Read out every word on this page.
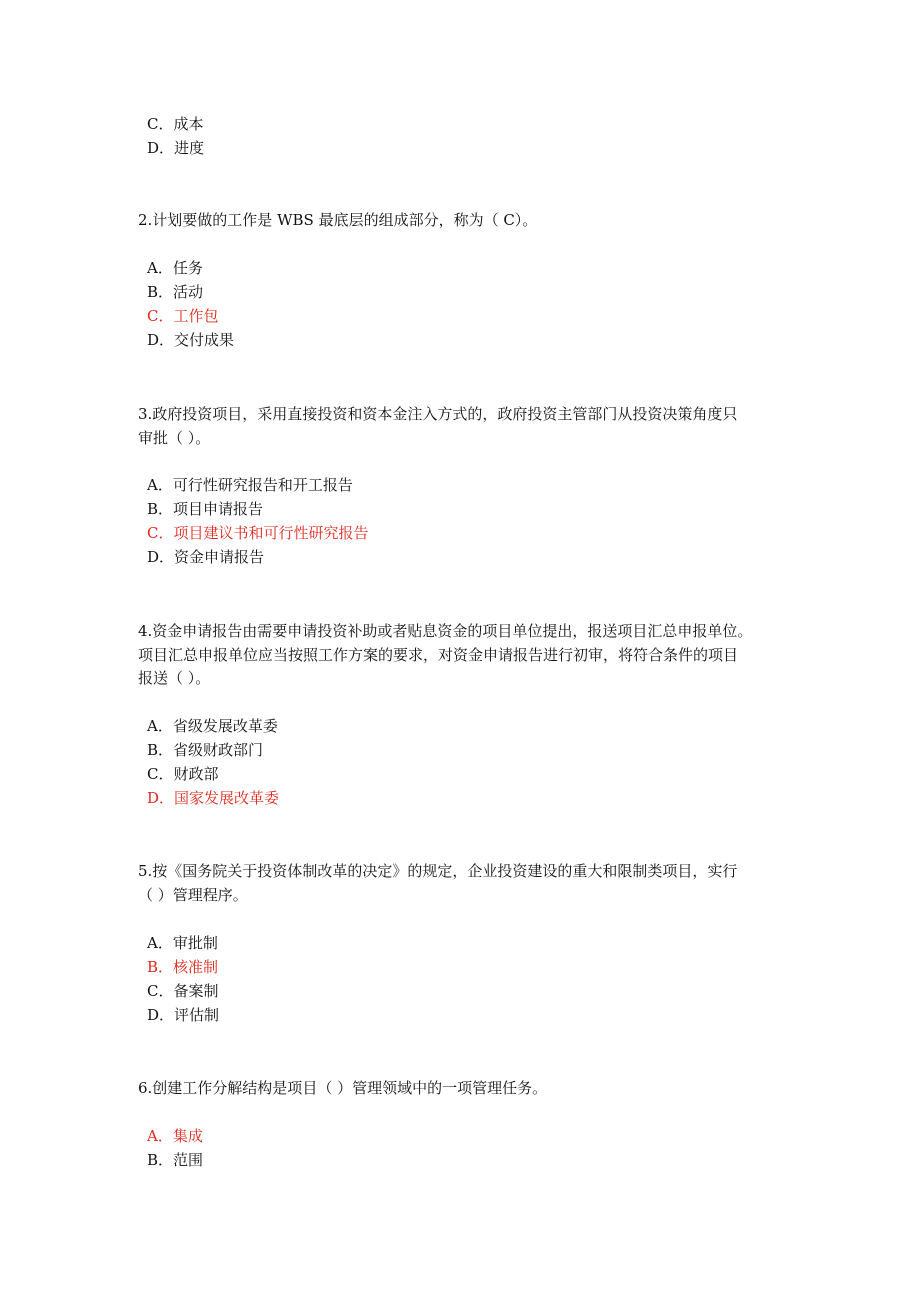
C．成本
D．进度
2.计划要做的工作是 WBS 最底层的组成部分，称为（ C）。
A．任务
B．活动
C．工作包
D．交付成果
3.政府投资项目，采用直接投资和资本金注入方式的，政府投资主管部门从投资决策角度只
审批（ ）。
A．可行性研究报告和开工报告
B．项目申请报告
C．项目建议书和可行性研究报告
D．资金申请报告
4.资金申请报告由需要申请投资补助或者贴息资金的项目单位提出，报送项目汇总申报单位。
项目汇总申报单位应当按照工作方案的要求，对资金申请报告进行初审，将符合条件的项目
报送（ ）。
A．省级发展改革委
B．省级财政部门
C．财政部
D．国家发展改革委
5.按《国务院关于投资体制改革的决定》的规定，企业投资建设的重大和限制类项目，实行
（ ）管理程序。
A．审批制
B．核准制
C．备案制
D．评估制
6.创建工作分解结构是项目（ ）管理领域中的一项管理任务。
A．集成
B．范围
